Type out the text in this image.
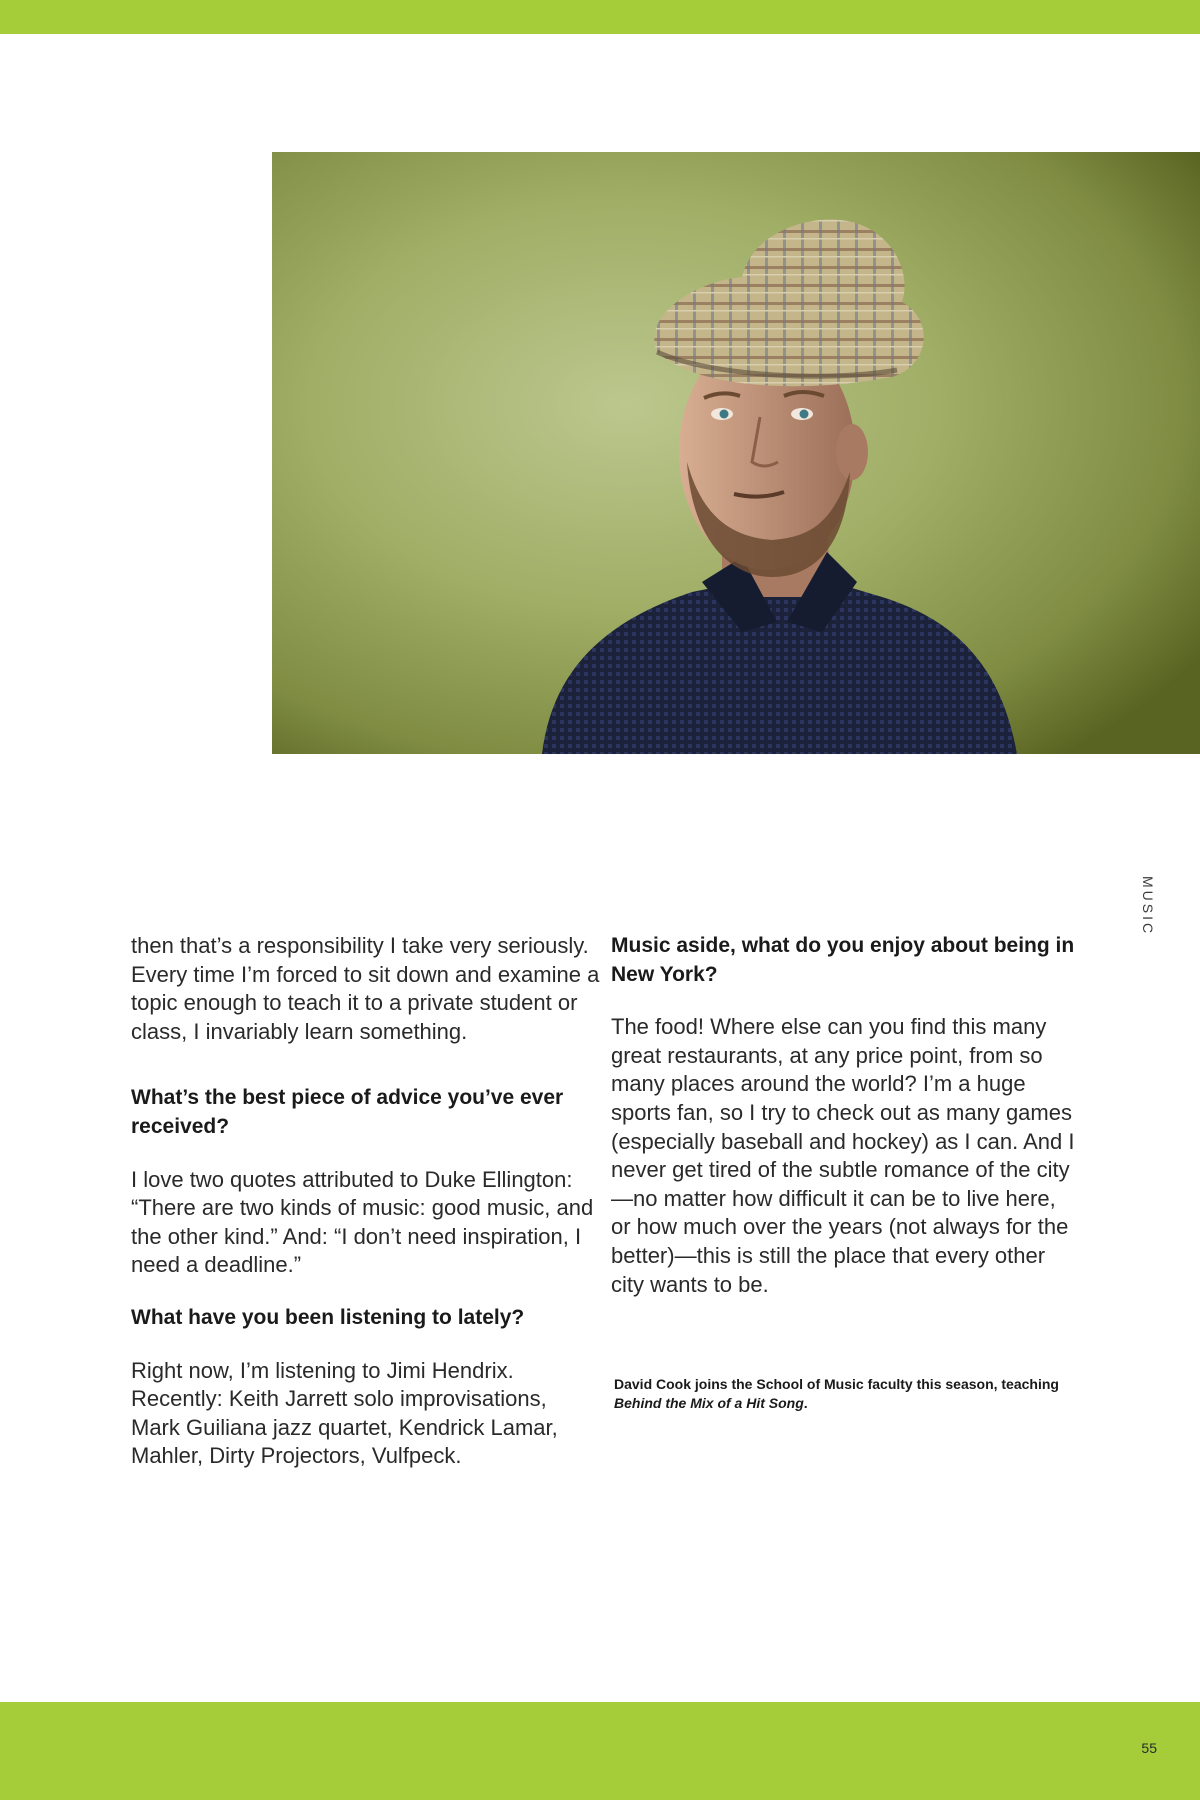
MUSIC

then that’s a responsibility I take very seriously. Every time I’m forced to sit down and examine a topic enough to teach it to a private student or class, I invariably learn something.

What’s the best piece of advice you’ve ever received?

I love two quotes attributed to Duke Ellington: “There are two kinds of music: good music, and the other kind.” And: “I don’t need inspiration, I need a deadline.”

What have you been listening to lately?

Right now, I’m listening to Jimi Hendrix. Recently: Keith Jarrett solo improvisations, Mark Guiliana jazz quartet, Kendrick Lamar, Mahler, Dirty Projectors, Vulfpeck.

Music aside, what do you enjoy about being in New York?

The food! Where else can you find this many great restaurants, at any price point, from so many places around the world? I’m a huge sports fan, so I try to check out as many games (especially baseball and hockey) as I can. And I never get tired of the subtle romance of the city—no matter how difficult it can be to live here, or how much over the years (not always for the better)—this is still the place that every other city wants to be.

David Cook joins the School of Music faculty this season, teaching Behind the Mix of a Hit Song.

55
